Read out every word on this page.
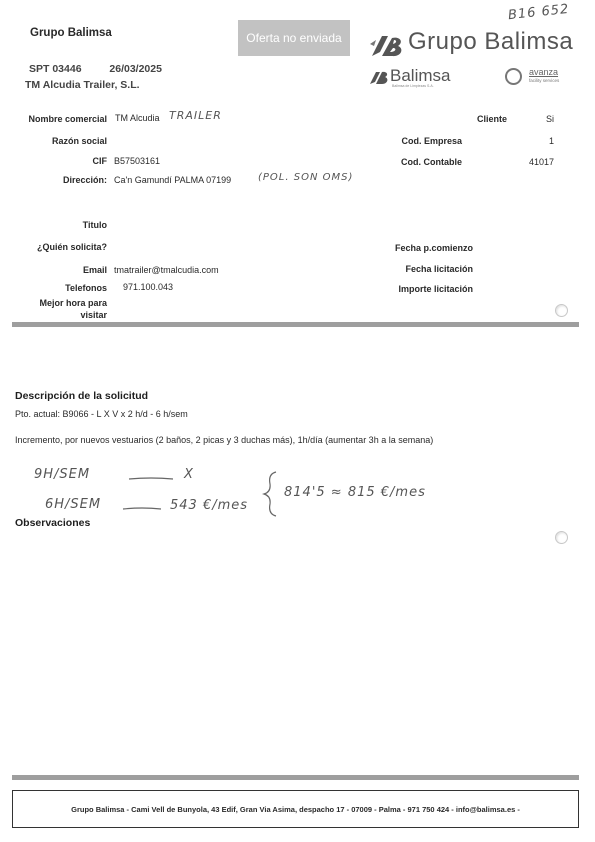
Grupo Balimsa
SPT 03446	26/03/2025
TM Alcudia Trailer, S.L.
Oferta no enviada
B16 652
Grupo Balimsa
Balimsa
Balimsa de Limpiezas S.A.
avanza
facility services
Nombre comercial TM Alcudia TRAILER
Razón social
CIF B57503161
Dirección: Ca'n Gamundí PALMA 07199	(POL. SON OMS)
Cliente	Si
Cod. Empresa	1
Cod. Contable	41017
Titulo
¿Quién solicita?
Email tmatrailer@tmalcudia.com
Telefonos 971.100.043
Mejor hora para
visitar
Fecha p.comienzo
Fecha licitación
Importe licitación
Descripción de la solicitud
Pto. actual: B9066 - L X V x 2 h/d - 6 h/sem
Incremento, por nuevos vestuarios (2 baños, 2 picas y 3 duchas más), 1h/día (aumentar 3h a la semana)
9H/SEM	X
6H/SEM	543 €/mes
814'5 ≈ 815 €/mes
Observaciones
Grupo Balimsa - Cami Vell de Bunyola, 43 Edif, Gran Via Asima, despacho 17 - 07009 - Palma - 971 750 424 - info@balimsa.es -
